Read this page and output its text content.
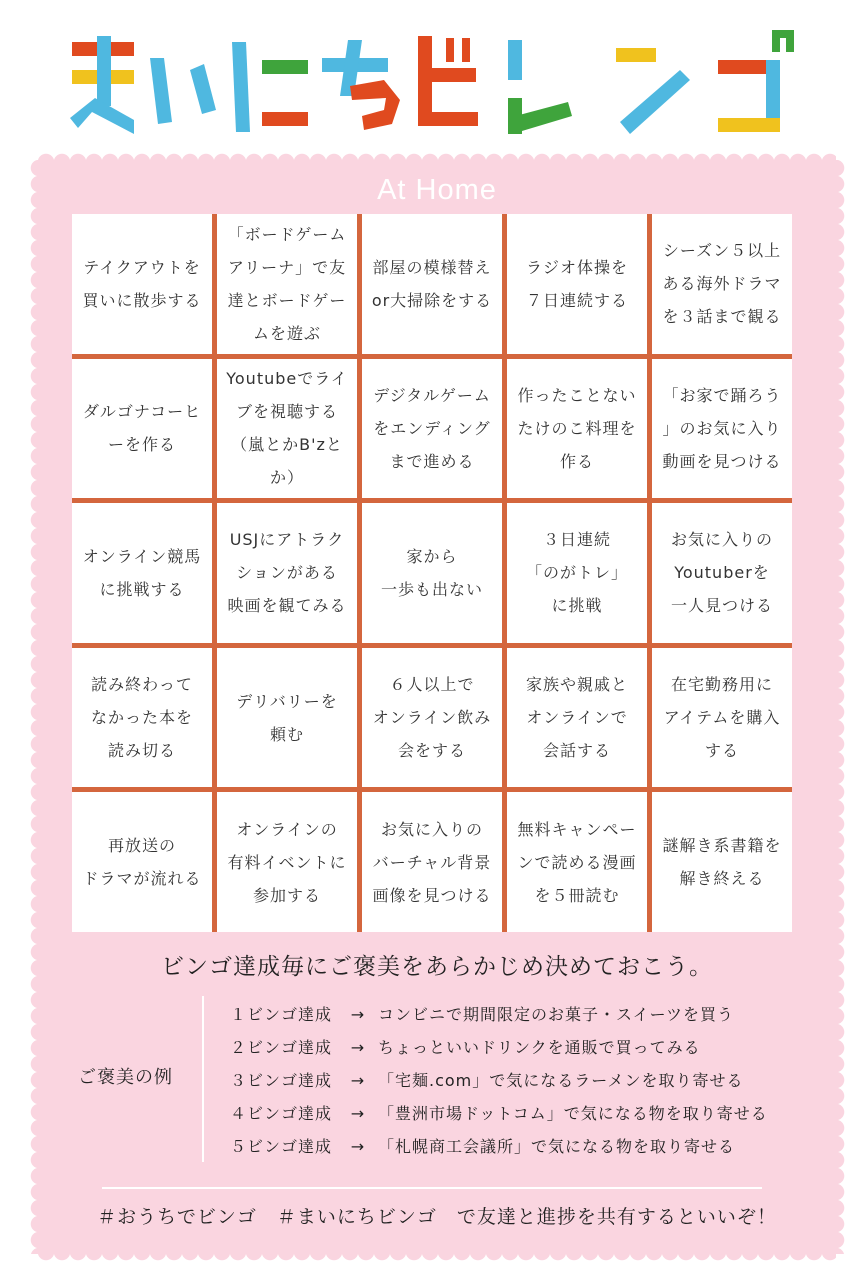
At Home
テイクアウトを
買いに散歩する
「ボードゲーム
アリーナ」で友
達とボードゲー
ムを遊ぶ
部屋の模様替え
or大掃除をする
ラジオ体操を
７日連続する
シーズン５以上
ある海外ドラマ
を３話まで観る
ダルゴナコーヒ
ーを作る
Youtubeでライ
ブを視聴する
（嵐とかB'zと
か）
デジタルゲーム
をエンディング
まで進める
作ったことない
たけのこ料理を
作る
「お家で踊ろう
」のお気に入り
動画を見つける
オンライン競馬
に挑戦する
USJにアトラク
ションがある
映画を観てみる
家から
一歩も出ない
３日連続
「のがトレ」
に挑戦
お気に入りの
Youtuberを
一人見つける
読み終わって
なかった本を
読み切る
デリバリーを
頼む
６人以上で
オンライン飲み
会をする
家族や親戚と
オンラインで
会話する
在宅勤務用に
アイテムを購入
する
再放送の
ドラマが流れる
オンラインの
有料イベントに
参加する
お気に入りの
バーチャル背景
画像を見つける
無料キャンペー
ンで読める漫画
を５冊読む
謎解き系書籍を
解き終える
ビンゴ達成毎にご褒美をあらかじめ決めておこう。
ご褒美の例
１ビンゴ達成 → コンビニで期間限定のお菓子・スイーツを買う
２ビンゴ達成 → ちょっといいドリンクを通販で買ってみる
３ビンゴ達成 → 「宅麺.com」で気になるラーメンを取り寄せる
４ビンゴ達成 → 「豊洲市場ドットコム」で気になる物を取り寄せる
５ビンゴ達成 → 「札幌商工会議所」で気になる物を取り寄せる
＃おうちでビンゴ　＃まいにちビンゴ　で友達と進捗を共有するといいぞ！
